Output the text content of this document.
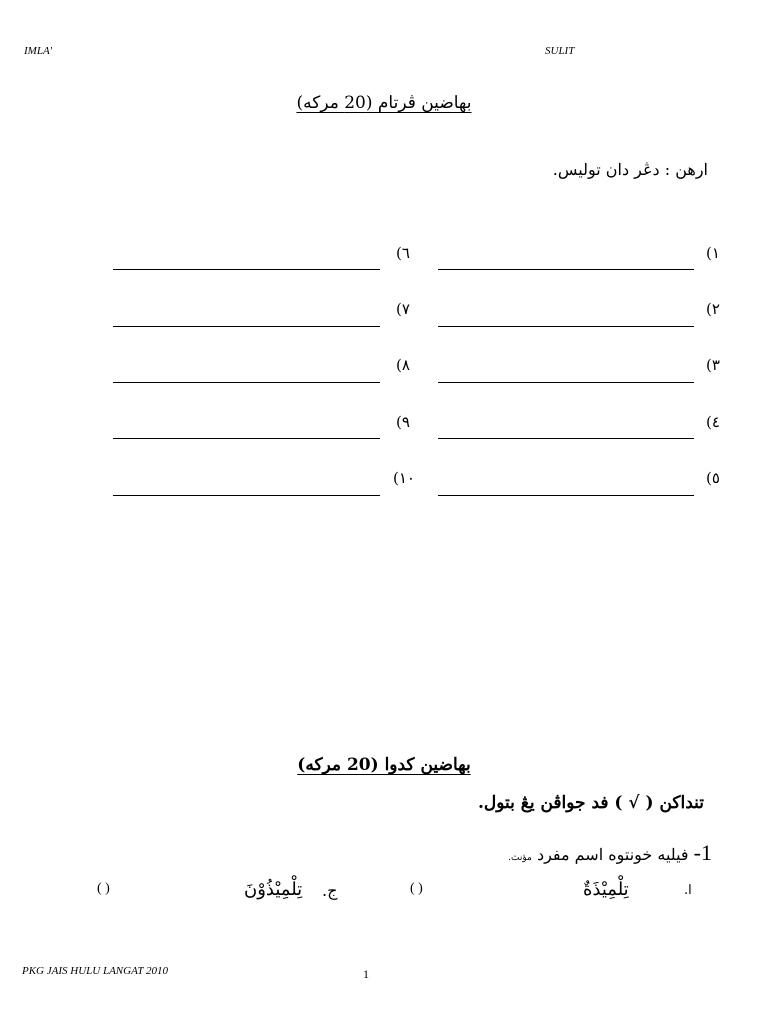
IMLA'	SULIT
بهاضين ڤرتام (20 مركه)
ارهن : دڠر دان توليس.
١)
٢)
٣)
٤)
٥)
٦)
٧)
٨)
٩)
١٠)
بهاضين كدوا (20 مركه)
تنداكن ( √ ) فد جواڤن يڠ بتول.
1- فيليه خونتوه اسم مفرد مؤنث.
ا.
تِلْمِيْذَةٌ
( )
ج.
تِلْمِيْذُوْنَ
( )
PKG JAIS HULU LANGAT 2010	1
